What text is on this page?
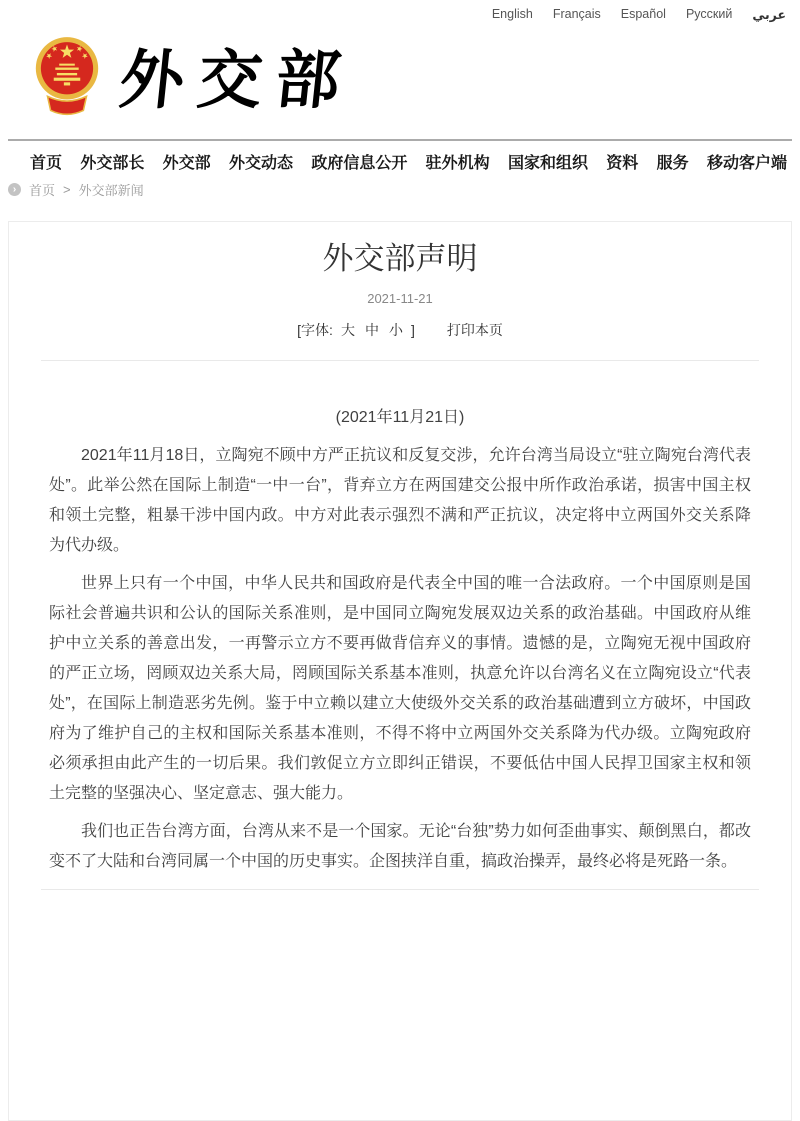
English Français Español Русский عربي
外交部
首页 外交部长 外交部 外交动态 政府信息公开 驻外机构 国家和组织 资料 服务 移动客户端
› 首页 > 外交部新闻
外交部声明
2021-11-21
[字体: 大 中 小 ] 打印本页

(2021年11月21日)

2021年11月18日，立陶宛不顾中方严正抗议和反复交涉，允许台湾当局设立“驻立陶宛台湾代表处”。此举公然在国际上制造“一中一台”，背弃立方在两国建交公报中所作政治承诺，损害中国主权和领土完整，粗暴干涉中国内政。中方对此表示强烈不满和严正抗议，决定将中立两国外交关系降为代办级。

世界上只有一个中国，中华人民共和国政府是代表全中国的唯一合法政府。一个中国原则是国际社会普遍共识和公认的国际关系准则，是中国同立陶宛发展双边关系的政治基础。中国政府从维护中立关系的善意出发，一再警示立方不要再做背信弃义的事情。遗憾的是，立陶宛无视中国政府的严正立场，罔顾双边关系大局，罔顾国际关系基本准则，执意允许以台湾名义在立陶宛设立“代表处”，在国际上制造恶劣先例。鉴于中立赖以建立大使级外交关系的政治基础遭到立方破坏，中国政府为了维护自己的主权和国际关系基本准则，不得不将中立两国外交关系降为代办级。立陶宛政府必须承担由此产生的一切后果。我们敦促立方立即纠正错误，不要低估中国人民捍卫国家主权和领土完整的坚强决心、坚定意志、强大能力。

我们也正告台湾方面，台湾从来不是一个国家。无论“台独”势力如何歪曲事实、颠倒黑白，都改变不了大陆和台湾同属一个中国的历史事实。企图挟洋自重，搞政治操弄，最终必将是死路一条。
